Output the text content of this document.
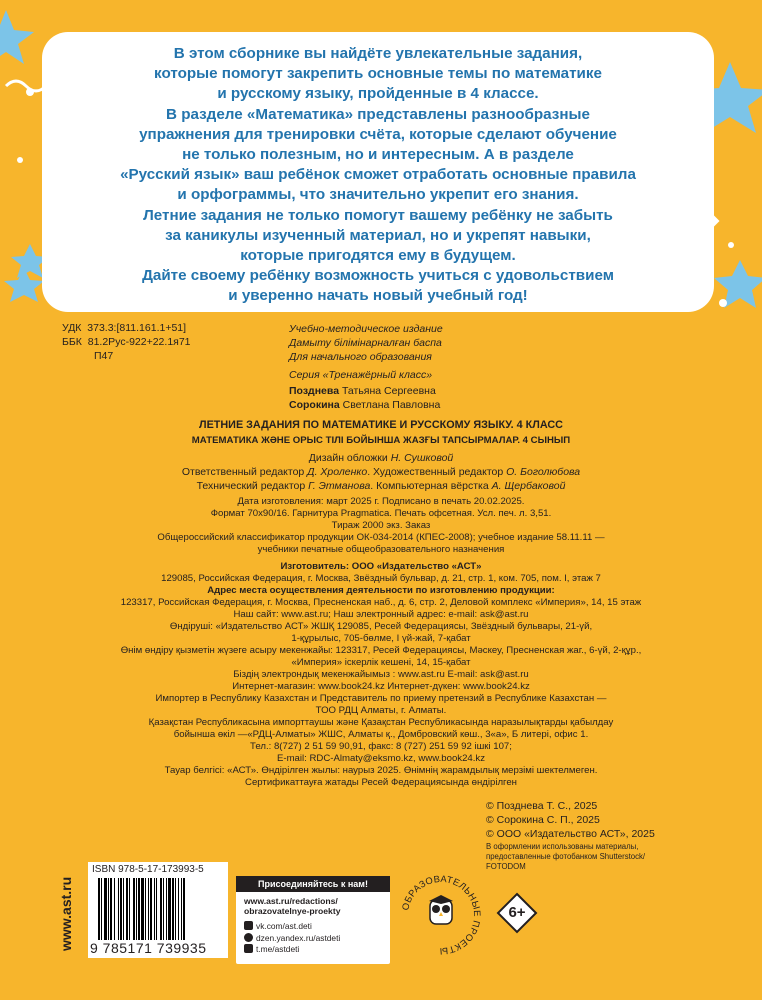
В этом сборнике вы найдёте увлекательные задания,
которые помогут закрепить основные темы по математике
и русскому языку, пройденные в 4 классе.
В разделе «Математика» представлены разнообразные
упражнения для тренировки счёта, которые сделают обучение
не только полезным, но и интересным. А в разделе
«Русский язык» ваш ребёнок сможет отработать основные правила
и орфограммы, что значительно укрепит его знания.
Летние задания не только помогут вашему ребёнку не забыть
за каникулы изученный материал, но и укрепят навыки,
которые пригодятся ему в будущем.
Дайте своему ребёнку возможность учиться с удовольствием
и уверенно начать новый учебный год!
УДК 373.3:[811.161.1+51]
ББК 81.2Рус-922+22.1я71
П47
Учебно-методическое издание
Дамыту бiлiмiнарналған баспа
Для начального образования
Серия «Тренажёрный класс»
Позднева Татьяна Сергеевна
Сорокина Светлана Павловна
ЛЕТНИЕ ЗАДАНИЯ ПО МАТЕМАТИКЕ И РУССКОМУ ЯЗЫКУ. 4 КЛАСС
МАТЕМАТИКА ЖӘНЕ ОРЫС ТІЛІ БОЙЫНША ЖАЗҒЫ ТАПСЫРМАЛАР. 4 СЫНЫП
Дизайн обложки Н. Сушковой
Ответственный редактор Д. Хроленко. Художественный редактор О. Боголюбова
Технический редактор Г. Этманова. Компьютерная вёрстка А. Щербаковой
Дата изготовления: март 2025 г. Подписано в печать 20.02.2025.
Формат 70х90/16. Гарнитура Pragmatica. Печать офсетная. Усл. печ. л. 3,51.
Тираж 2000 экз. Заказ
Общероссийский классификатор продукции ОК-034-2014 (КПЕС-2008); учебное издание 58.11.11 —
учебники печатные общеобразовательного назначения
Изготовитель: ООО «Издательство «АСТ»
129085, Российская Федерация, г. Москва, Звёздный бульвар, д. 21, стр. 1, ком. 705, пом. I, этаж 7
Адрес места осуществления деятельности по изготовлению продукции:
123317, Российская Федерация, г. Москва, Пресненская наб., д. 6, стр. 2, Деловой комплекс «Империя», 14, 15 этаж
Наш сайт: www.ast.ru; Наш электронный адрес: e-mail: ask@ast.ru
Өндіруші: «Издательство АСТ» ЖШҚ 129085, Ресей Федерациясы, Звёздный бульвары, 21-үй,
1-құрылыс, 705-бөлме, I үй-жай, 7-қабат
Өнім өндіру қызметін жүзеге асыру мекенжайы: 123317, Ресей Федерациясы, Мәскеу, Пресненская жаг., 6-үй, 2-құр.,
«Империя» іскерлік кешені, 14, 15-қабат
Біздің электрондық мекенжайымыз : www.ast.ru E-mail: ask@ast.ru
Интернет-магазин: www.book24.kz Интернет-дүкен: www.book24.kz
Импортер в Республику Казахстан и Представитель по приему претензий в Республике Казахстан —
ТОО РДЦ Алматы, г. Алматы.
Қазақстан Республикасына импорттаушы және Қазақстан Республикасында наразылықтарды қабылдау
бойынша өкіл —«РДЦ-Алматы» ЖШС, Алматы қ., Домбровский көш., 3«а», Б литері, офис 1.
Тел.: 8(727) 2 51 59 90,91, факс: 8 (727) 251 59 92 ішкі 107;
E-mail: RDC-Almaty@eksmo.kz, www.book24.kz
Тауар белгісі: «АСТ». Өндірілген жылы: наурыз 2025. Өнімнің жарамдылық мерзімі шектелмеген.
Сертификаттауға жатады Ресей Федерациясында өндірілген
© Позднева Т. С., 2025
© Сорокина С. П., 2025
© ООО «Издательство АСТ», 2025
В оформлении использованы материалы,
предоставленные фотобанком Shutterstock/
FOTODOM
www.ast.ru
ISBN 978-5-17-173993-5
9 785171 739935
Присоединяйтесь к нам!
www.ast.ru/redactions/
obrazovatelnye-proekty
vk.com/ast.deti
dzen.yandex.ru/astdeti
t.me/astdeti
ОБРАЗОВАТЕЛЬНЫЕ ПРОЕКТЫ
6+
